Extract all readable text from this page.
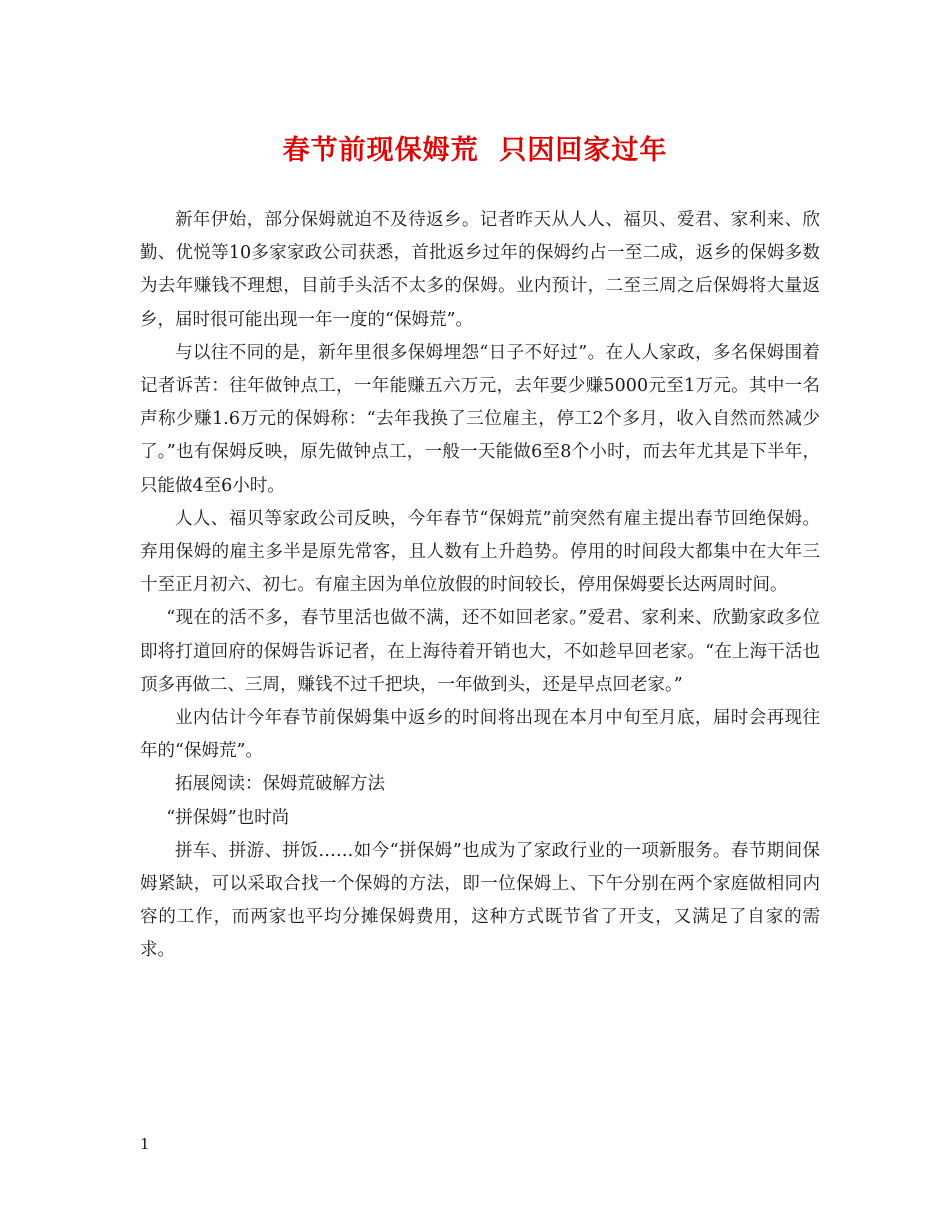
春节前现保姆荒  只因回家过年

新年伊始，部分保姆就迫不及待返乡。记者昨天从人人、福贝、爱君、家利来、欣勤、优悦等10多家家政公司获悉，首批返乡过年的保姆约占一至二成，返乡的保姆多数为去年赚钱不理想，目前手头活不太多的保姆。业内预计，二至三周之后保姆将大量返乡，届时很可能出现一年一度的“保姆荒”。

与以往不同的是，新年里很多保姆埋怨“日子不好过”。在人人家政，多名保姆围着记者诉苦：往年做钟点工，一年能赚五六万元，去年要少赚5000元至1万元。其中一名声称少赚1.6万元的保姆称：“去年我换了三位雇主，停工2个多月，收入自然而然减少了。”也有保姆反映，原先做钟点工，一般一天能做6至8个小时，而去年尤其是下半年，只能做4至6小时。

人人、福贝等家政公司反映，今年春节“保姆荒”前突然有雇主提出春节回绝保姆。弃用保姆的雇主多半是原先常客，且人数有上升趋势。停用的时间段大都集中在大年三十至正月初六、初七。有雇主因为单位放假的时间较长，停用保姆要长达两周时间。

“现在的活不多，春节里活也做不满，还不如回老家。”爱君、家利来、欣勤家政多位即将打道回府的保姆告诉记者，在上海待着开销也大，不如趁早回老家。“在上海干活也顶多再做二、三周，赚钱不过千把块，一年做到头，还是早点回老家。”

业内估计今年春节前保姆集中返乡的时间将出现在本月中旬至月底，届时会再现往年的“保姆荒”。

拓展阅读：保姆荒破解方法

“拼保姆”也时尚

拼车、拼游、拼饭……如今“拼保姆”也成为了家政行业的一项新服务。春节期间保姆紧缺，可以采取合找一个保姆的方法，即一位保姆上、下午分别在两个家庭做相同内容的工作，而两家也平均分摊保姆费用，这种方式既节省了开支，又满足了自家的需求。

1
